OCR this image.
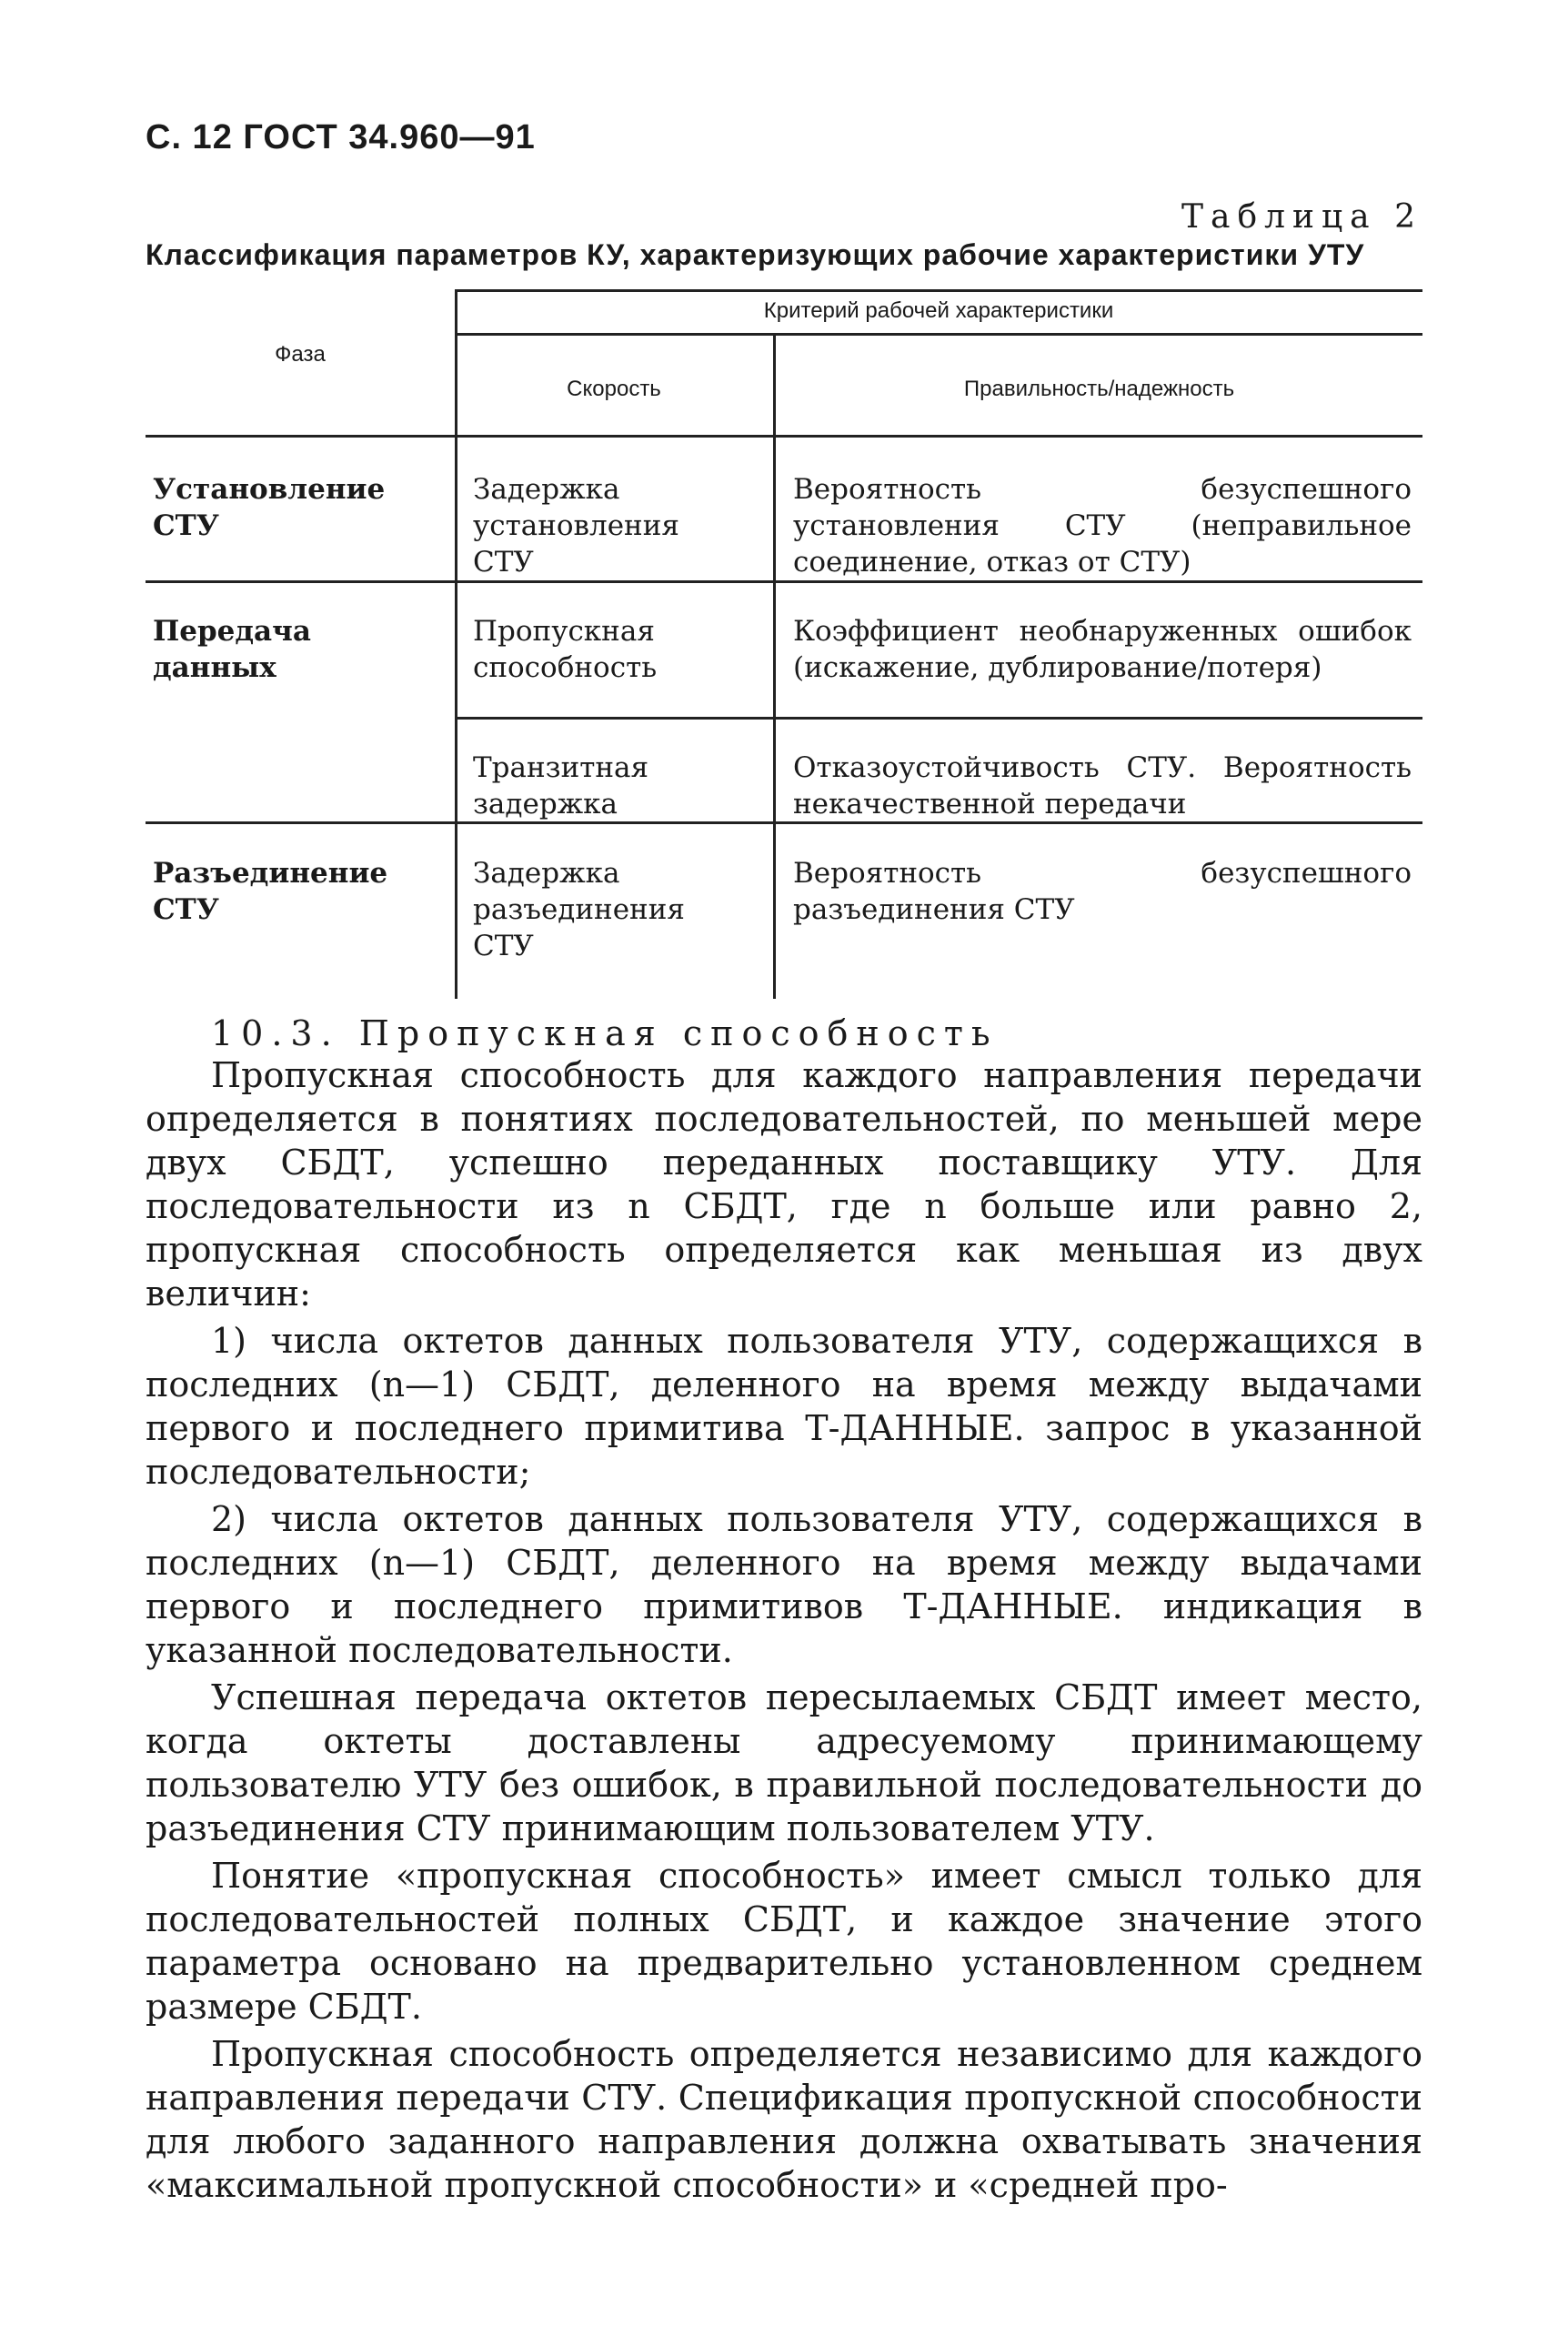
С. 12 ГОСТ 34.960—91
Таблица 2
Классификация параметров КУ, характеризующих рабочие характеристики УТУ
Фаза
Критерий рабочей характеристики
Скорость	Правильность/надежность
Установление СТУ
Задержка установления СТУ
Вероятность безуспешного установления СТУ (неправильное соединение, отказ от СТУ)
Передача данных
Пропускная способность
Коэффициент необнаруженных ошибок (искажение, дублирование/потеря)
Транзитная задержка
Отказоустойчивость СТУ. Вероятность некачественной передачи
Разъединение СТУ
Задержка разъединения СТУ
Вероятность безуспешного разъединения СТУ
10.3. Пропускная способность

Пропускная способность для каждого направления передачи определяется в понятиях последовательностей, по меньшей мере двух СБДТ, успешно переданных поставщику УТУ. Для последовательности из n СБДТ, где n больше или равно 2, пропускная способность определяется как меньшая из двух величин:

1) числа октетов данных пользователя УТУ, содержащихся в последних (n—1) СБДТ, деленного на время между выдачами первого и последнего примитива Т-ДАННЫЕ. запрос в указанной последовательности;

2) числа октетов данных пользователя УТУ, содержащихся в последних (n—1) СБДТ, деленного на время между выдачами первого и последнего примитивов Т-ДАННЫЕ. индикация в указанной последовательности.

Успешная передача октетов пересылаемых СБДТ имеет место, когда октеты доставлены адресуемому принимающему пользователю УТУ без ошибок, в правильной последовательности до разъединения СТУ принимающим пользователем УТУ.

Понятие «пропускная способность» имеет смысл только для последовательностей полных СБДТ, и каждое значение этого параметра основано на предварительно установленном среднем размере СБДТ.

Пропускная способность определяется независимо для каждого направления передачи СТУ. Спецификация пропускной способности для любого заданного направления должна охватывать значения «максимальной пропускной способности» и «средней про-
